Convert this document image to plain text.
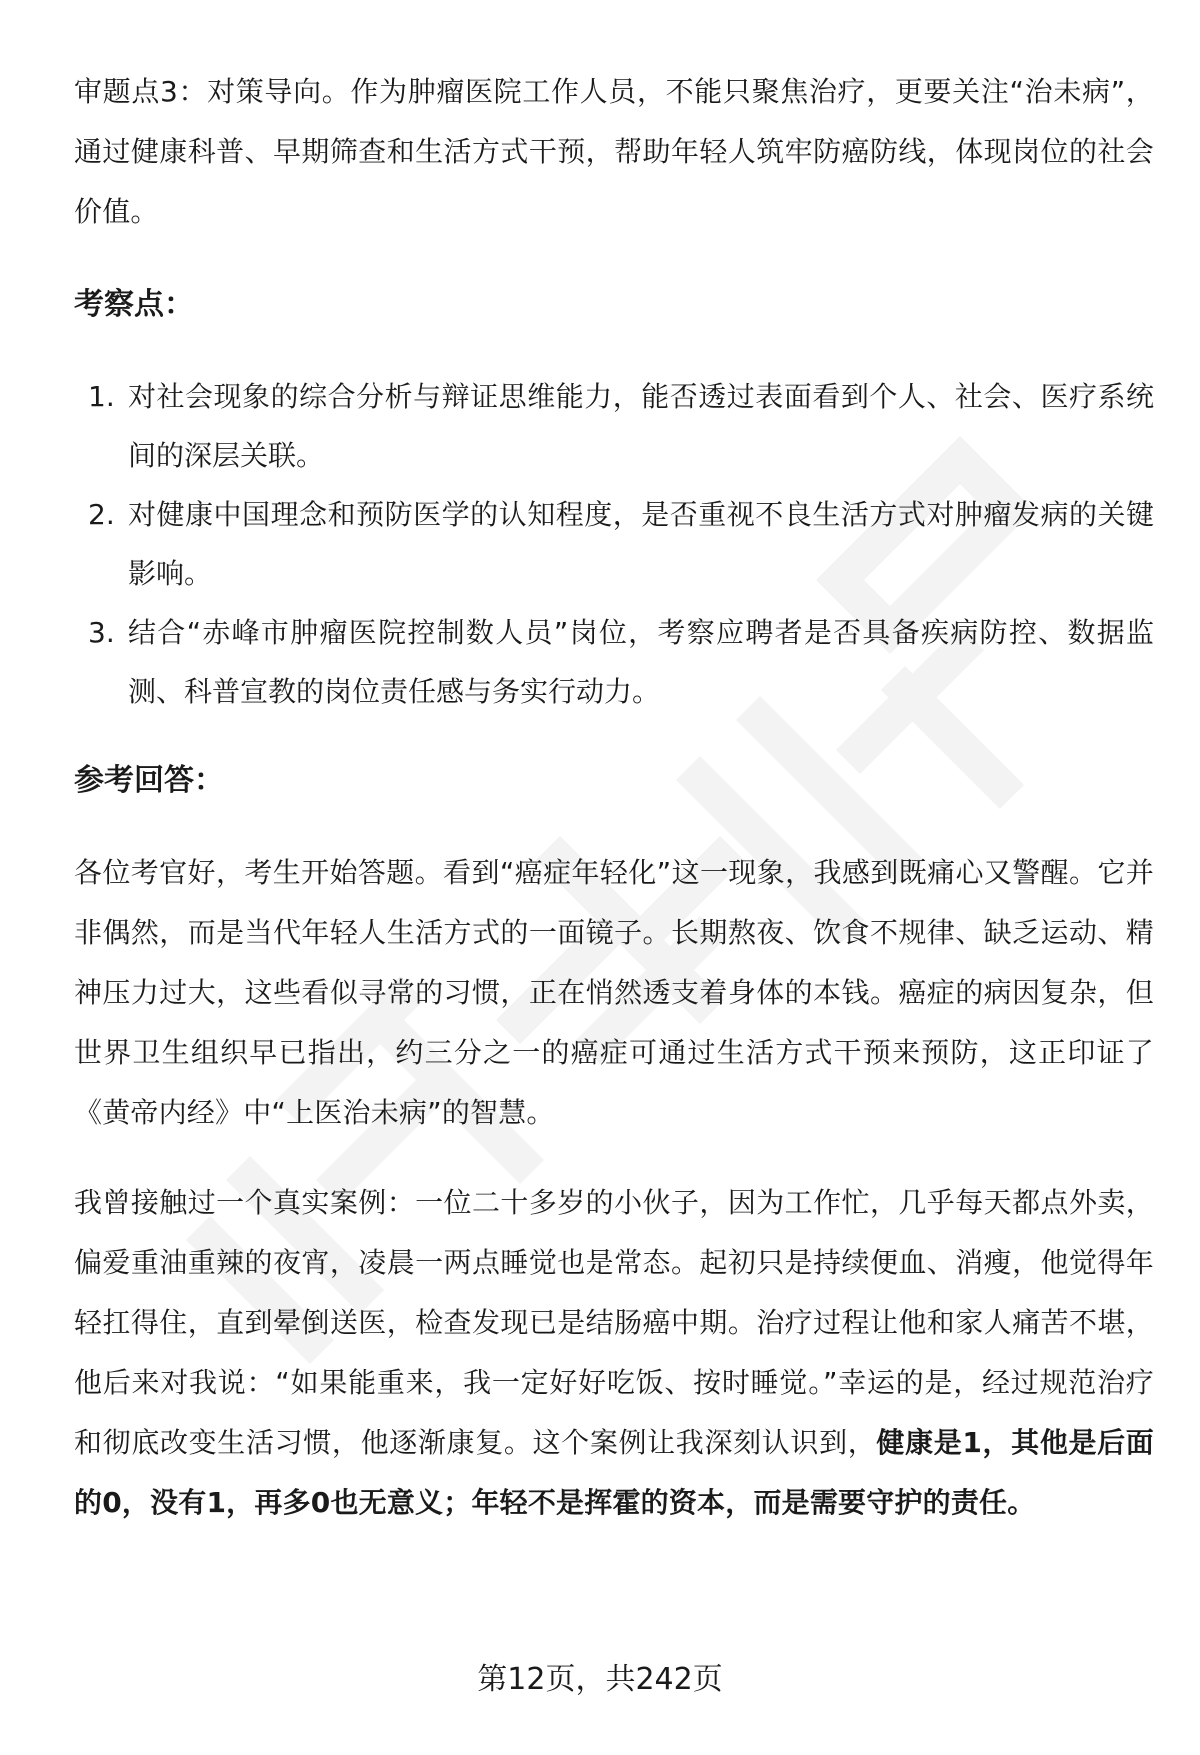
审题点3：对策导向。作为肿瘤医院工作人员，不能只聚焦治疗，更要关注“治未病”，通过健康科普、早期筛查和生活方式干预，帮助年轻人筑牢防癌防线，体现岗位的社会价值。

考察点：
1. 对社会现象的综合分析与辩证思维能力，能否透过表面看到个人、社会、医疗系统间的深层关联。
2. 对健康中国理念和预防医学的认知程度，是否重视不良生活方式对肿瘤发病的关键影响。
3. 结合“赤峰市肿瘤医院控制数人员”岗位，考察应聘者是否具备疾病防控、数据监测、科普宣教的岗位责任感与务实行动力。
参考回答：

各位考官好，考生开始答题。看到“癌症年轻化”这一现象，我感到既痛心又警醒。它并非偶然，而是当代年轻人生活方式的一面镜子。长期熬夜、饮食不规律、缺乏运动、精神压力过大，这些看似寻常的习惯，正在悄然透支着身体的本钱。癌症的病因复杂，但世界卫生组织早已指出，约三分之一的癌症可通过生活方式干预来预防，这正印证了《黄帝内经》中“上医治未病”的智慧。

我曾接触过一个真实案例：一位二十多岁的小伙子，因为工作忙，几乎每天都点外卖，偏爱重油重辣的夜宵，凌晨一两点睡觉也是常态。起初只是持续便血、消瘦，他觉得年轻扛得住，直到晕倒送医，检查发现已是结肠癌中期。治疗过程让他和家人痛苦不堪，他后来对我说：“如果能重来，我一定好好吃饭、按时睡觉。”幸运的是，经过规范治疗和彻底改变生活习惯，他逐渐康复。这个案例让我深刻认识到，健康是1，其他是后面的0，没有1，再多0也无意义；年轻不是挥霍的资本，而是需要守护的责任。

第12页，共242页
